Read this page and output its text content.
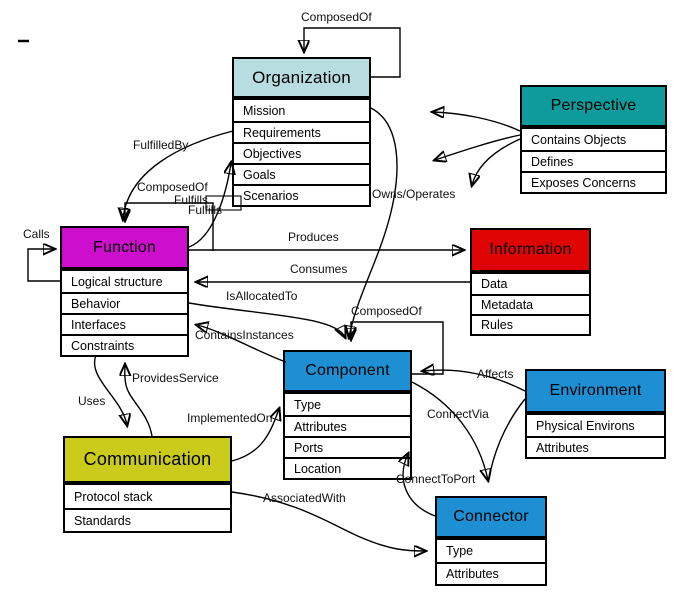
Organization
Mission
Requirements
Objectives
Goals
Scenarios
Perspective
Contains Objects
Defines
Exposes Concerns
Function
Logical structure
Behavior
Interfaces
Constraints
Information
Data
Metadata
Rules
Component
Type
Attributes
Ports
Location
Environment
Physical Environs
Attributes
Communication
Protocol stack
Standards	Connector
Type
Attributes
ComposedOf
FulfilledBy
ComposedOf
Fulfills
Fulfills
Calls	Produces
Consumes
IsAllocatedTo
ContainsInstances
Owns/Operates
ComposedOf
Affects
ConnectVia
ConnectToPort
AssociatedWith
Uses
ProvidesService
ImplementedOn
